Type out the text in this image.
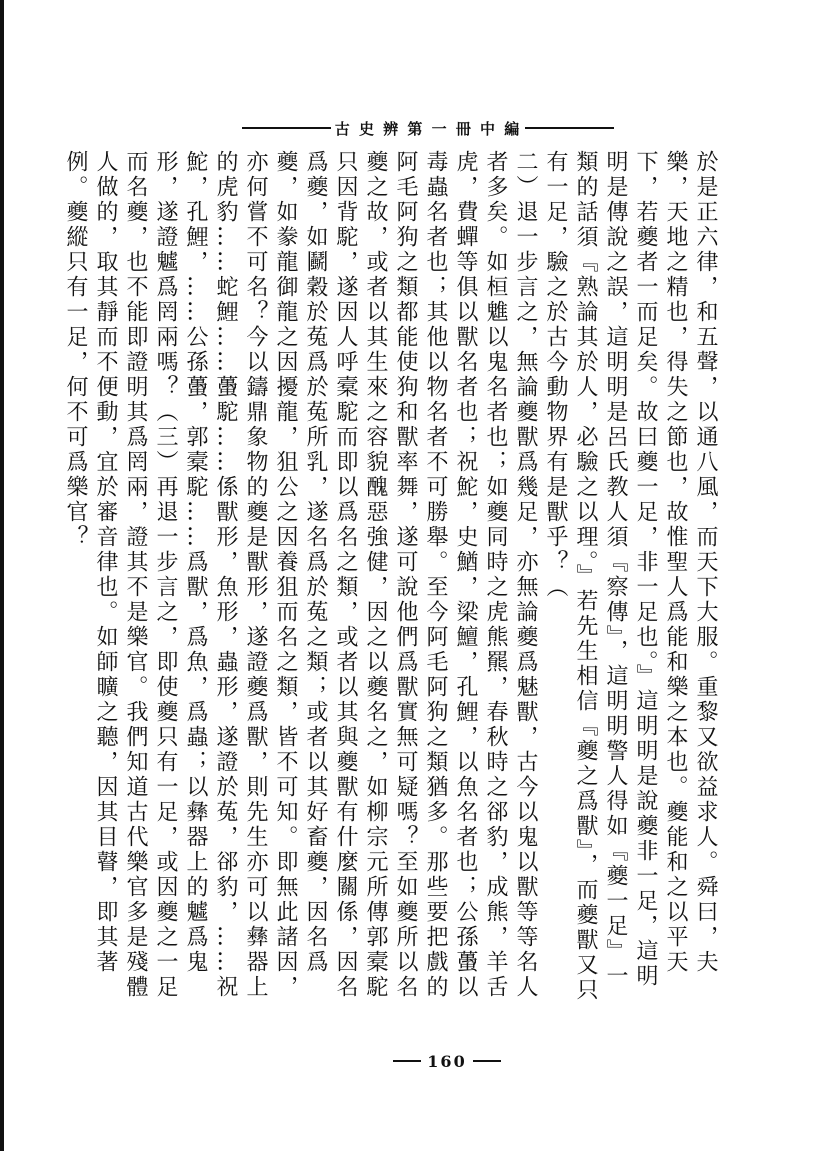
古 史 辨 第 一 冊 中 編

於是正六律，和五聲，以通八風，而天下大服。重黎又欲益求人。舜曰，夫樂，天地之精也，得失之節也，故惟聖人爲能和樂之本也。夔能和之以平天下，若夔者一而足矣。故曰夔一足，非一足也。』這明明是說夔非一足，這明明是傳說之誤，這明明是呂氏教人須『察傳』，這明明警人得如『夔一足』一類的話須『熟論其於人，必驗之以理。』若先生相信『夔之爲獸』，而夔獸又只有一足，驗之於古今動物界有是獸乎？（

二）退一步言之，無論夔獸爲幾足，亦無論夔爲魅獸，古今以鬼以獸等等名人者多矣。如桓魋以鬼名者也；如夔同時之虎熊羆，春秋時之郤豹，成熊，羊舌虎，費蟬等俱以獸名者也；祝鮀，史鰌，梁鱣，孔鯉，以魚名者也；公孫蠆以毒蟲名者也；其他以物名者不可勝舉。至今阿毛阿狗之類猶多。那些要把戲的阿毛阿狗之類都能使狗和獸率舞，遂可說他們爲獸實無可疑嗎？至如夔所以名夔之故，或者以其生來之容貌醜惡強健，因之以夔名之，如柳宗元所傳郭槖駝只因背駝，遂因人呼槖駝而即以爲名之類，或者以其與夔獸有什麼關係，因名爲夔，如鬬穀於菟爲於菟所乳，遂名爲於菟之類；或者以其好畜夔，因名爲夔，如豢龍御龍之因擾龍，狙公之因養狙而名之類，皆不可知。即無此諸因，亦何嘗不可名？今以鑄鼎象物的夔是獸形，遂證夔爲獸，則先生亦可以彝器上的虎豹……蛇鯉……蠆駝……係獸形，魚形，蟲形，遂證於菟，郤豹，……祝鮀，孔鯉，……公孫蠆，郭槖駝……爲獸，爲魚，爲蟲；以彝器上的魖爲鬼形，遂證魖爲罔兩嗎？（三）再退一步言之，即使夔只有一足，或因夔之一足而名夔，也不能即證明其爲罔兩，證其不是樂官。我們知道古代樂官多是殘體人做的，取其靜而不便動，宜於審音律也。如師曠之聽，因其目瞽，即其著例。夔縱只有一足，何不可爲樂官？

160
